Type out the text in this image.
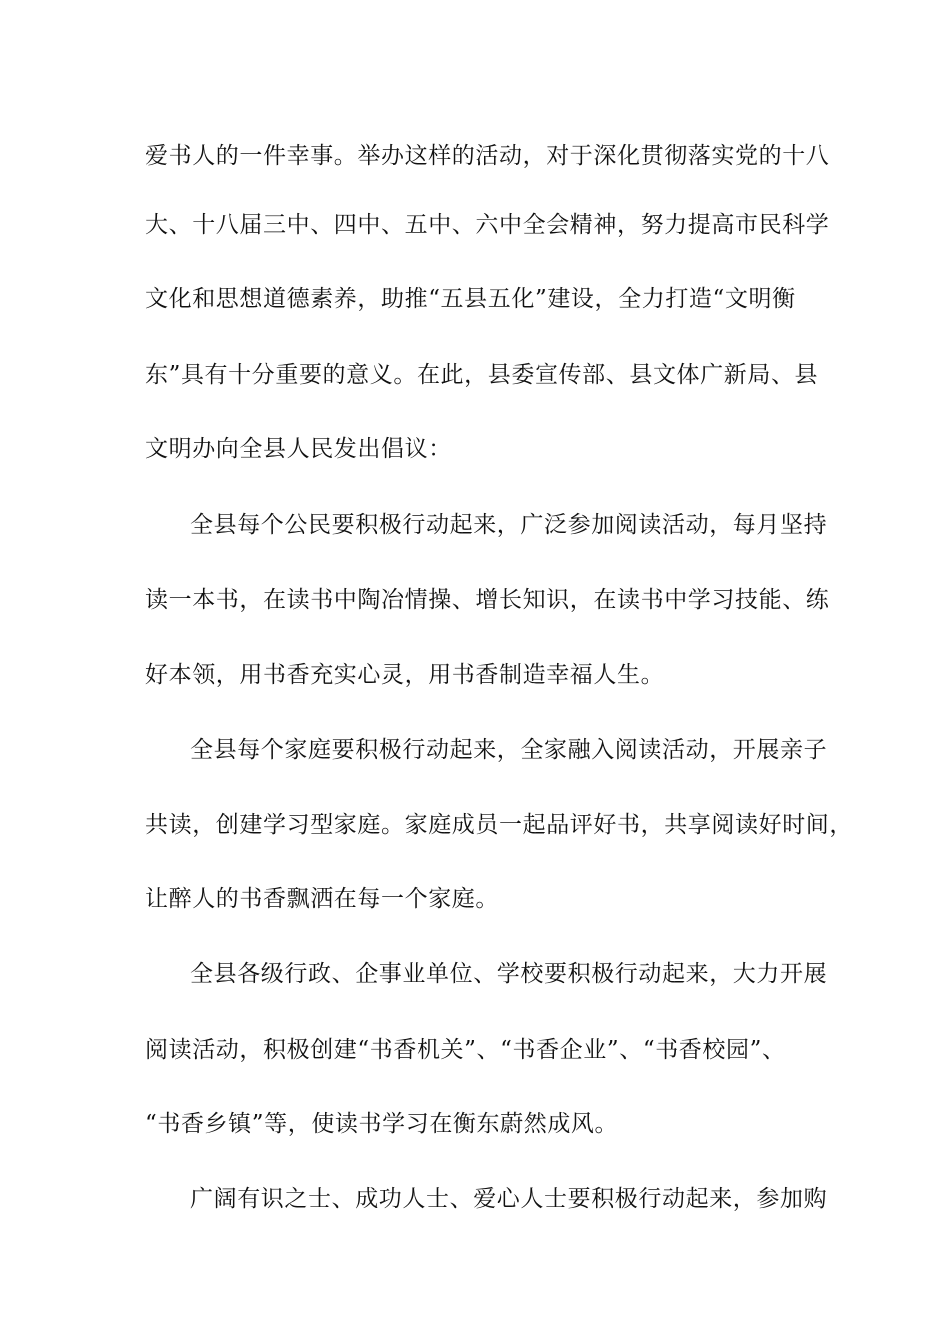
爱书人的一件幸事。举办这样的活动，对于深化贯彻落实党的十八
大、十八届三中、四中、五中、六中全会精神，努力提高市民科学
文化和思想道德素养，助推“五县五化”建设，全力打造“文明衡
东”具有十分重要的意义。在此，县委宣传部、县文体广新局、县
文明办向全县人民发出倡议：
全县每个公民要积极行动起来，广泛参加阅读活动，每月坚持
读一本书，在读书中陶冶情操、增长知识，在读书中学习技能、练
好本领，用书香充实心灵，用书香制造幸福人生。
全县每个家庭要积极行动起来，全家融入阅读活动，开展亲子
共读，创建学习型家庭。家庭成员一起品评好书，共享阅读好时间，
让醉人的书香飘洒在每一个家庭。
全县各级行政、企事业单位、学校要积极行动起来，大力开展
阅读活动，积极创建“书香机关”、“书香企业”、“书香校园”、
“书香乡镇”等，使读书学习在衡东蔚然成风。
广阔有识之士、成功人士、爱心人士要积极行动起来，参加购
